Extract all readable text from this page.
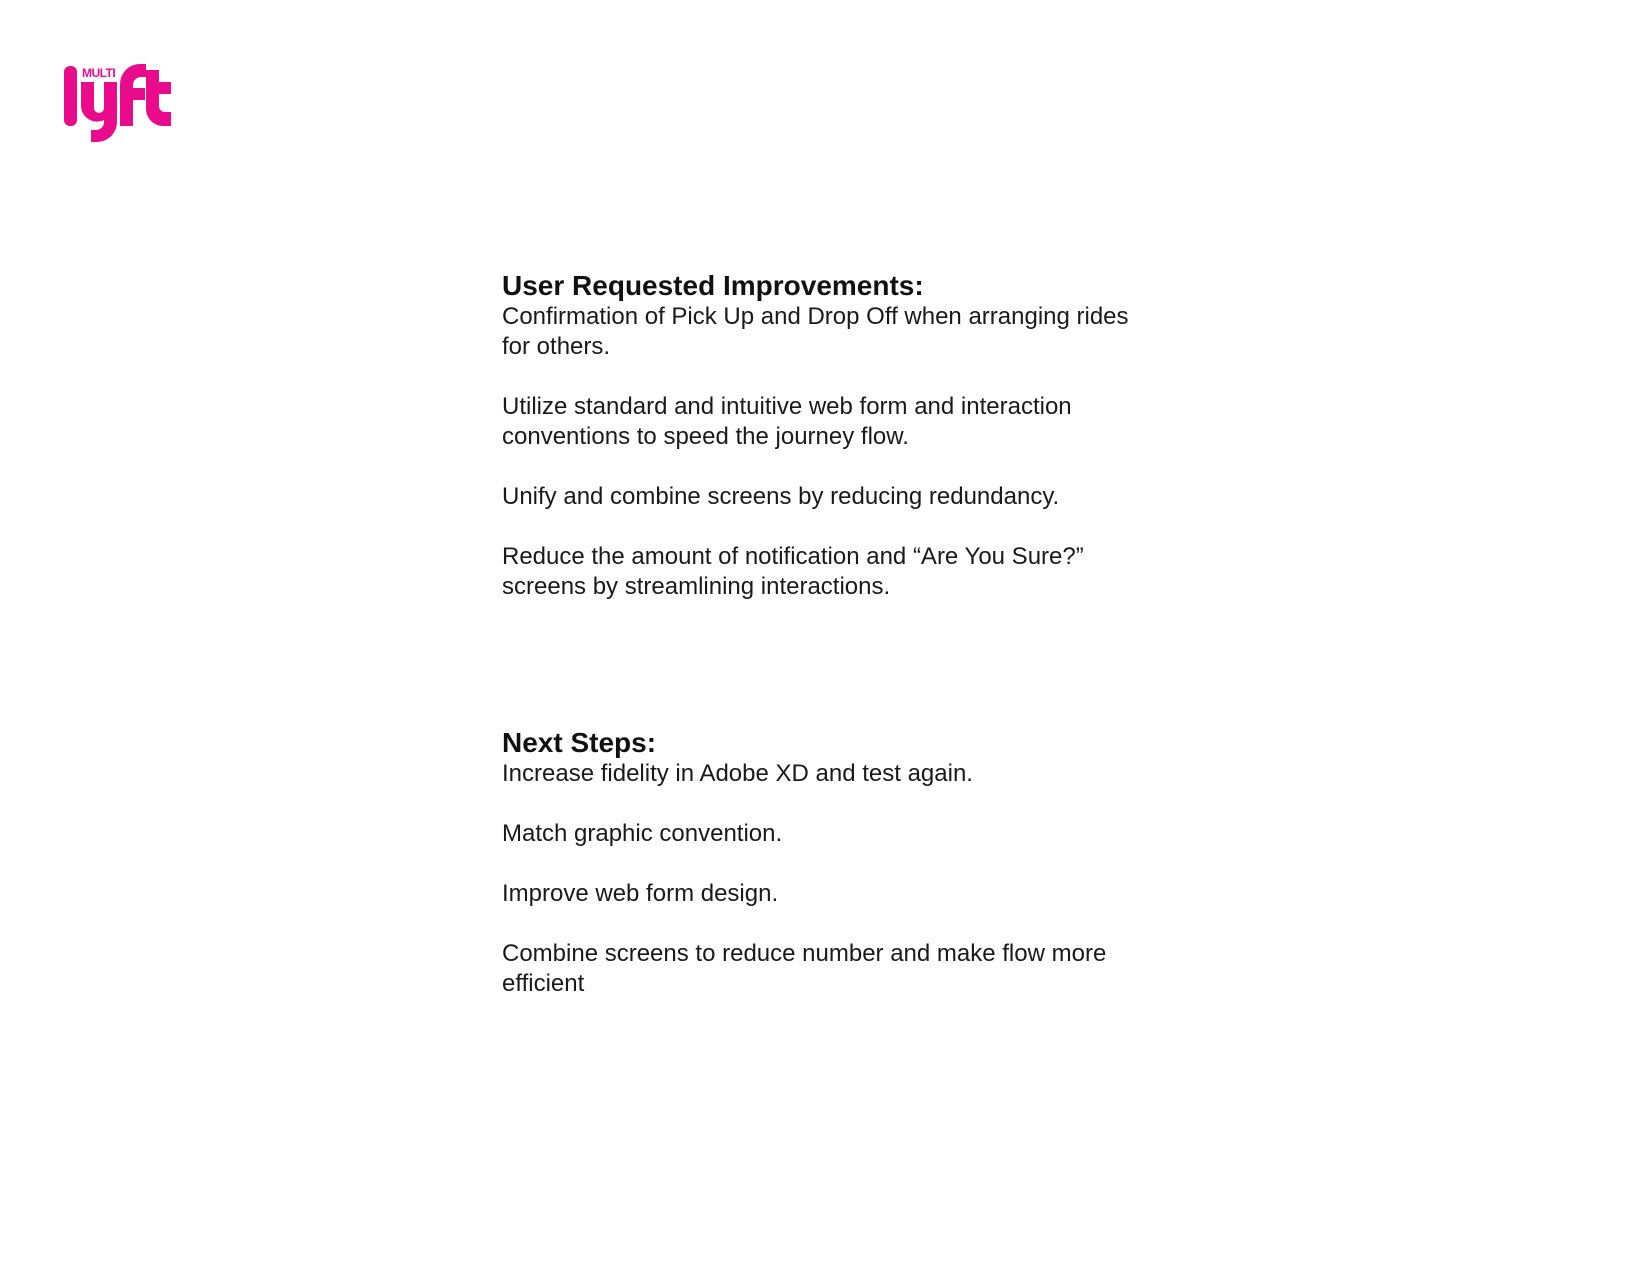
MULTI
User Requested Improvements:
Confirmation of Pick Up and Drop Off when arranging rides for others.
Utilize standard and intuitive web form and interaction conventions to speed the journey flow.
Unify and combine screens by reducing redundancy.
Reduce the amount of notification and “Are You Sure?” screens by streamlining interactions.
Next Steps:
Increase fidelity in Adobe XD and test again.
Match graphic convention.
Improve web form design.
Combine screens to reduce number and make flow more efficient
